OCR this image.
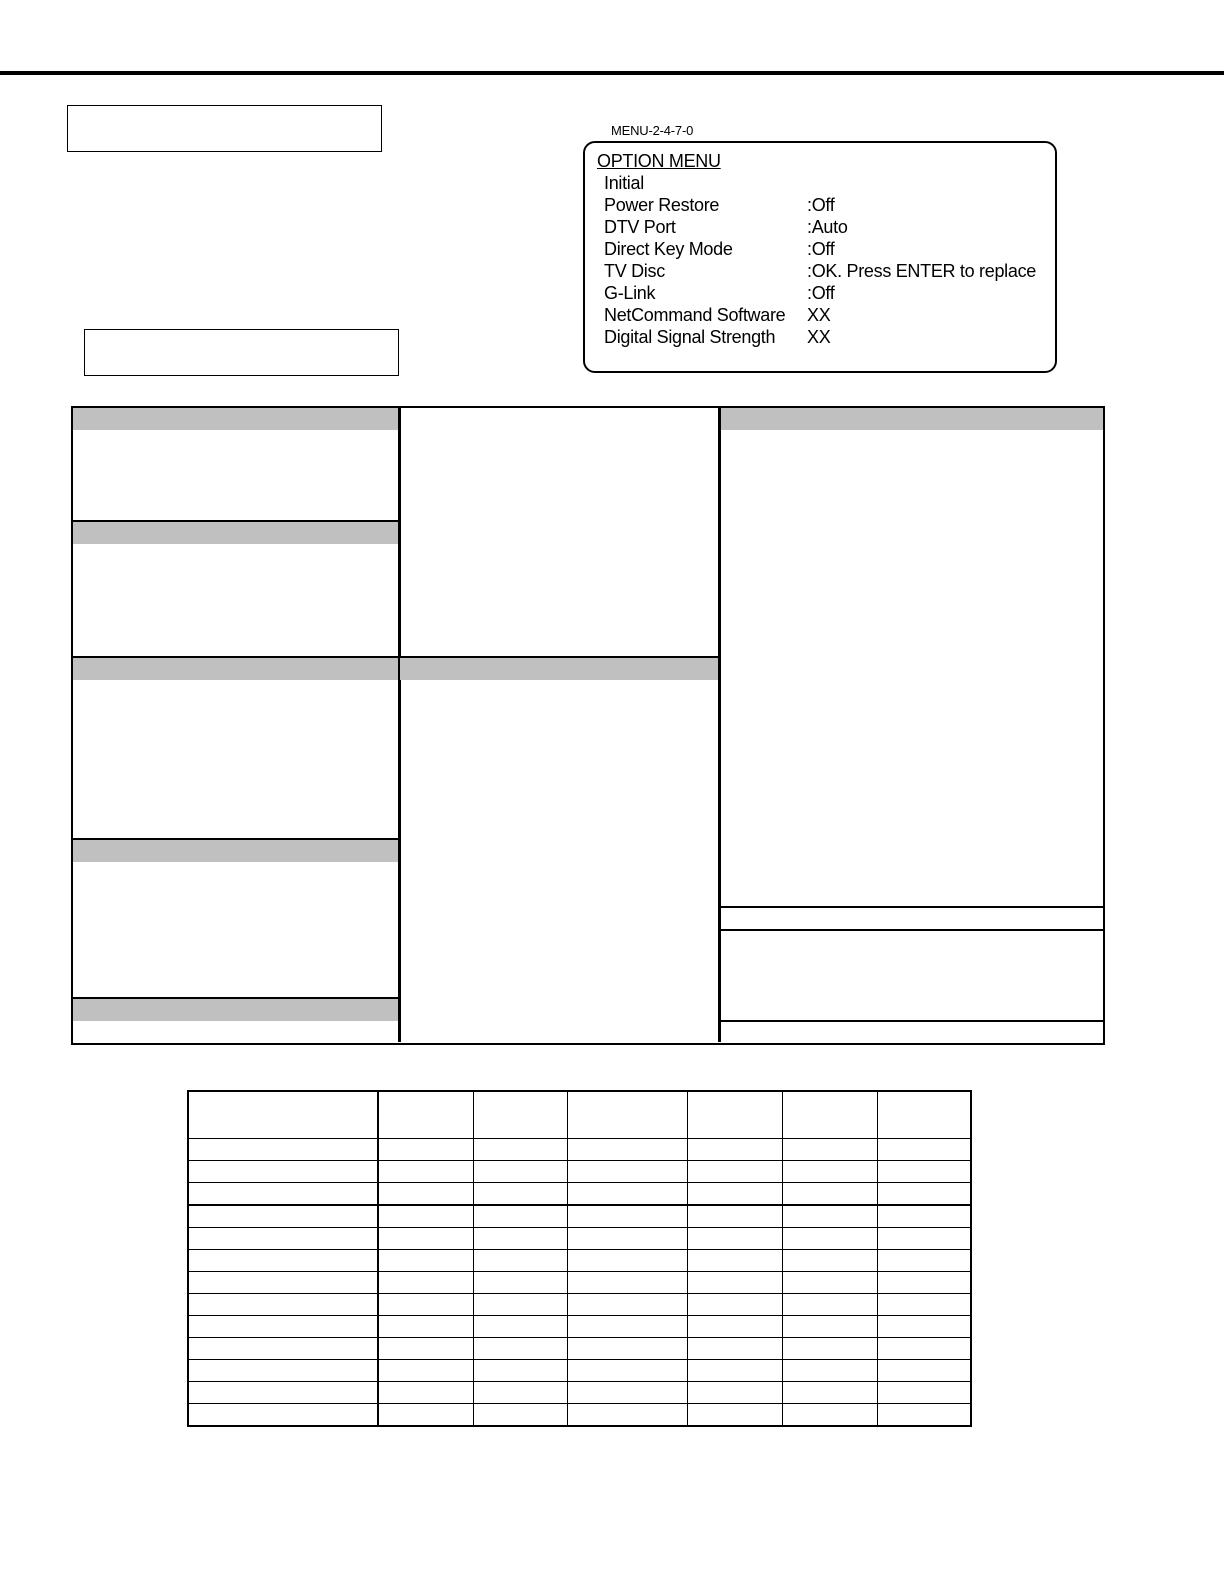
MENU-2-4-7-0
OPTION MENU
Initial
Power Restore	:Off
DTV Port	:Auto
Direct Key Mode	:Off
TV Disc	:OK. Press ENTER to replace
G-Link	:Off
NetCommand Software XX
Digital Signal Strength XX
